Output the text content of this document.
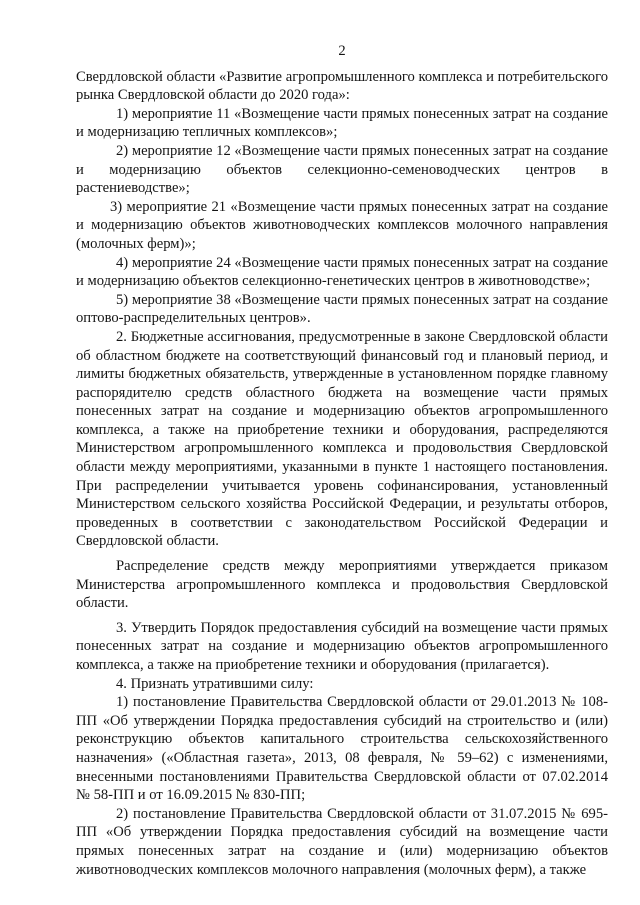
2

Свердловской области «Развитие агропромышленного комплекса и потребительского рынка Свердловской области до 2020 года»:

1) мероприятие 11 «Возмещение части прямых понесенных затрат на создание и модернизацию тепличных комплексов»;

2) мероприятие 12 «Возмещение части прямых понесенных затрат на создание и модернизацию объектов селекционно-семеноводческих центров в растениеводстве»;

3) мероприятие 21 «Возмещение части прямых понесенных затрат на создание и модернизацию объектов животноводческих комплексов молочного направления (молочных ферм)»;

4) мероприятие 24 «Возмещение части прямых понесенных затрат на создание и модернизацию объектов селекционно-генетических центров в животноводстве»;

5) мероприятие 38 «Возмещение части прямых понесенных затрат на создание оптово-распределительных центров».

2. Бюджетные ассигнования, предусмотренные в законе Свердловской области об областном бюджете на соответствующий финансовый год и плановый период, и лимиты бюджетных обязательств, утвержденные в установленном порядке главному распорядителю средств областного бюджета на возмещение части прямых понесенных затрат на создание и модернизацию объектов агропромышленного комплекса, а также на приобретение техники и оборудования, распределяются Министерством агропромышленного комплекса и продовольствия Свердловской области между мероприятиями, указанными в пункте 1 настоящего постановления. При распределении учитывается уровень софинансирования, установленный Министерством сельского хозяйства Российской Федерации, и результаты отборов, проведенных в соответствии с законодательством Российской Федерации и Свердловской области.

Распределение средств между мероприятиями утверждается приказом Министерства агропромышленного комплекса и продовольствия Свердловской области.

3. Утвердить Порядок предоставления субсидий на возмещение части прямых понесенных затрат на создание и модернизацию объектов агропромышленного комплекса, а также на приобретение техники и оборудования (прилагается).

4. Признать утратившими силу:

1) постановление Правительства Свердловской области от 29.01.2013 № 108-ПП «Об утверждении Порядка предоставления субсидий на строительство и (или) реконструкцию объектов капитального строительства сельскохозяйственного назначения» («Областная газета», 2013, 08 февраля, № 59–62) с изменениями, внесенными постановлениями Правительства Свердловской области от 07.02.2014 № 58-ПП и от 16.09.2015 № 830-ПП;

2) постановление Правительства Свердловской области от 31.07.2015 № 695-ПП «Об утверждении Порядка предоставления субсидий на возмещение части прямых понесенных затрат на создание и (или) модернизацию объектов животноводческих комплексов молочного направления (молочных ферм), а также
